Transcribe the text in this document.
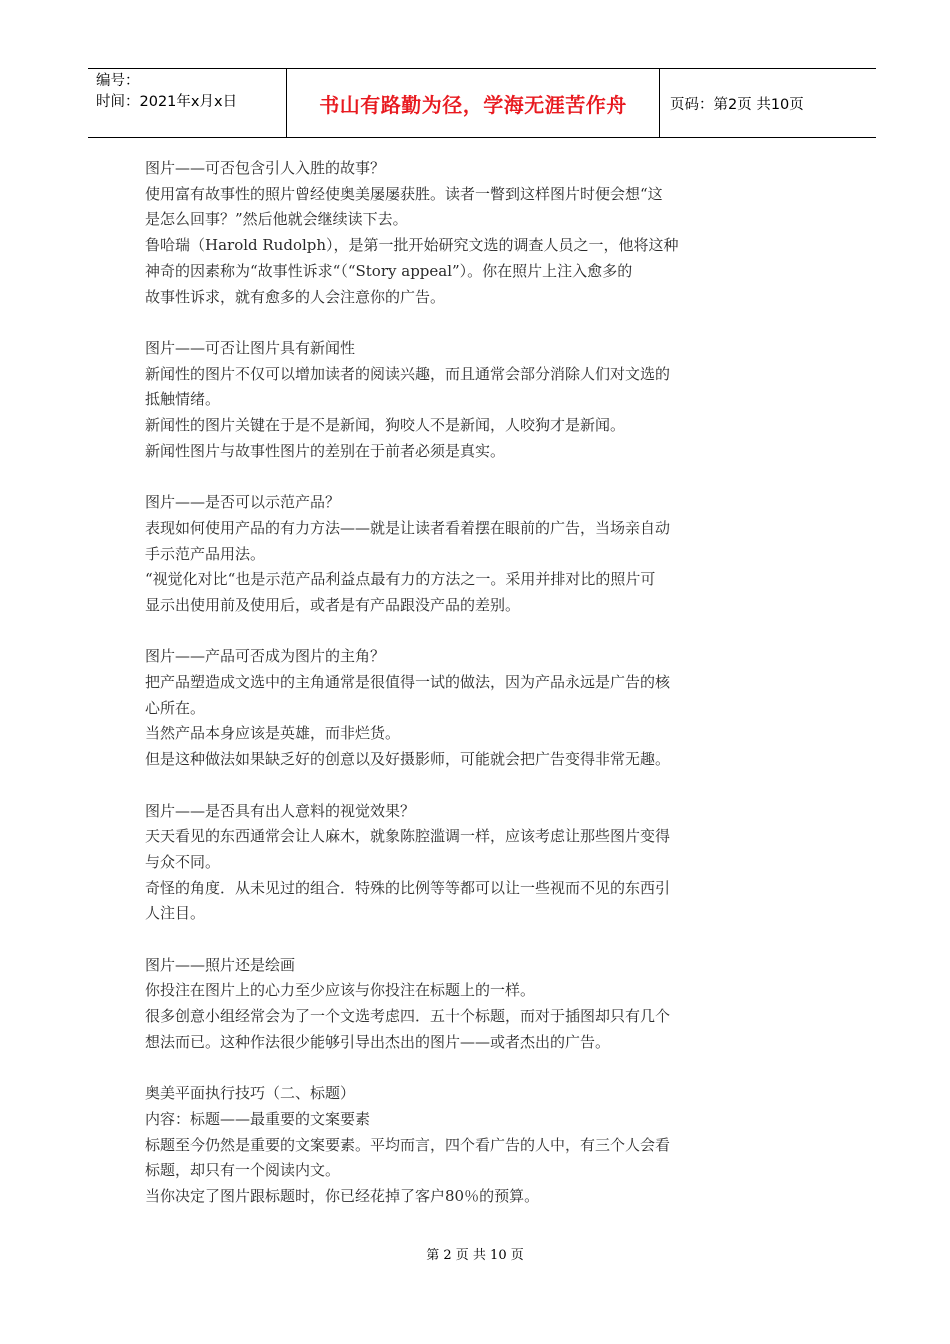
编号：
时间：2021年x月x日	书山有路勤为径，学海无涯苦作舟	页码：第2页 共10页
图片——可否包含引人入胜的故事？
使用富有故事性的照片曾经使奥美屡屡获胜。读者一瞥到这样图片时便会想“这
是怎么回事？”然后他就会继续读下去。
鲁哈瑞（Harold Rudolph），是第一批开始研究文选的调查人员之一，他将这种
神奇的因素称为“故事性诉求“（“Story appeal”）。你在照片上注入愈多的
故事性诉求，就有愈多的人会注意你的广告。
图片——可否让图片具有新闻性
新闻性的图片不仅可以增加读者的阅读兴趣，而且通常会部分消除人们对文选的
抵触情绪。
新闻性的图片关键在于是不是新闻，狗咬人不是新闻，人咬狗才是新闻。
新闻性图片与故事性图片的差别在于前者必须是真实。
图片——是否可以示范产品？
表现如何使用产品的有力方法——就是让读者看着摆在眼前的广告，当场亲自动
手示范产品用法。
“视觉化对比“也是示范产品利益点最有力的方法之一。采用并排对比的照片可
显示出使用前及使用后，或者是有产品跟没产品的差别。
图片——产品可否成为图片的主角？
把产品塑造成文选中的主角通常是很值得一试的做法，因为产品永远是广告的核
心所在。
当然产品本身应该是英雄，而非烂货。
但是这种做法如果缺乏好的创意以及好摄影师，可能就会把广告变得非常无趣。
图片——是否具有出人意料的视觉效果？
天天看见的东西通常会让人麻木，就象陈腔滥调一样，应该考虑让那些图片变得
与众不同。
奇怪的角度．从未见过的组合．特殊的比例等等都可以让一些视而不见的东西引
人注目。
图片——照片还是绘画
你投注在图片上的心力至少应该与你投注在标题上的一样。
很多创意小组经常会为了一个文选考虑四．五十个标题，而对于插图却只有几个
想法而已。这种作法很少能够引导出杰出的图片——或者杰出的广告。
奥美平面执行技巧（二、标题）
内容：标题——最重要的文案要素
标题至今仍然是重要的文案要素。平均而言，四个看广告的人中，有三个人会看
标题，却只有一个阅读内文。
当你决定了图片跟标题时，你已经花掉了客户80％的预算。
第 2 页 共 10 页
